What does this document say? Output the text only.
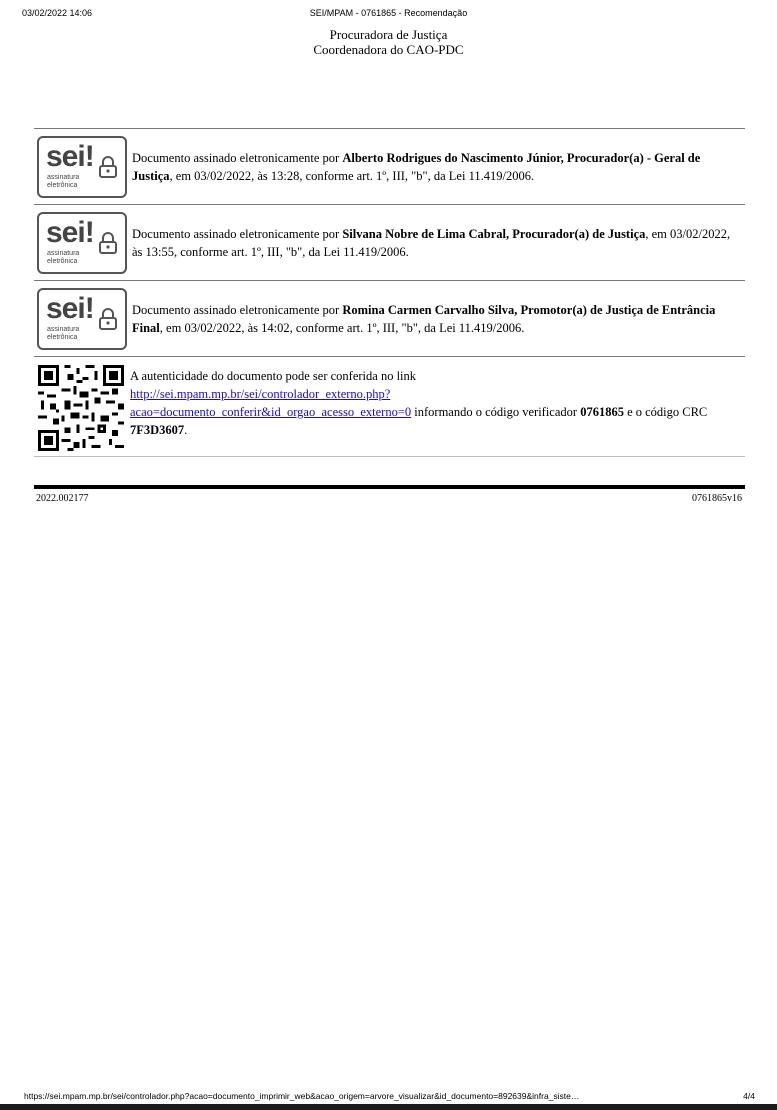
03/02/2022 14:06	SEI/MPAM - 0761865 - Recomendação
Procuradora de Justiça
Coordenadora do CAO-PDC
sei!
assinatura
eletrônica
Documento assinado eletronicamente por Alberto Rodrigues do Nascimento Júnior, Procurador(a) - Geral de Justiça, em 03/02/2022, às 13:28, conforme art. 1º, III, "b", da Lei 11.419/2006.
sei!
assinatura
eletrônica
Documento assinado eletronicamente por Silvana Nobre de Lima Cabral, Procurador(a) de Justiça, em 03/02/2022, às 13:55, conforme art. 1º, III, "b", da Lei 11.419/2006.
sei!
assinatura
eletrônica
Documento assinado eletronicamente por Romina Carmen Carvalho Silva, Promotor(a) de Justiça de Entrância Final, em 03/02/2022, às 14:02, conforme art. 1º, III, "b", da Lei 11.419/2006.
A autenticidade do documento pode ser conferida no link
http://sei.mpam.mp.br/sei/controlador_externo.php?
acao=documento_conferir&id_orgao_acesso_externo=0 informando o código verificador 0761865 e o código CRC 7F3D3607.
2022.002177	0761865v16
https://sei.mpam.mp.br/sei/controlador.php?acao=documento_imprimir_web&acao_origem=arvore_visualizar&id_documento=892639&infra_siste…	4/4
